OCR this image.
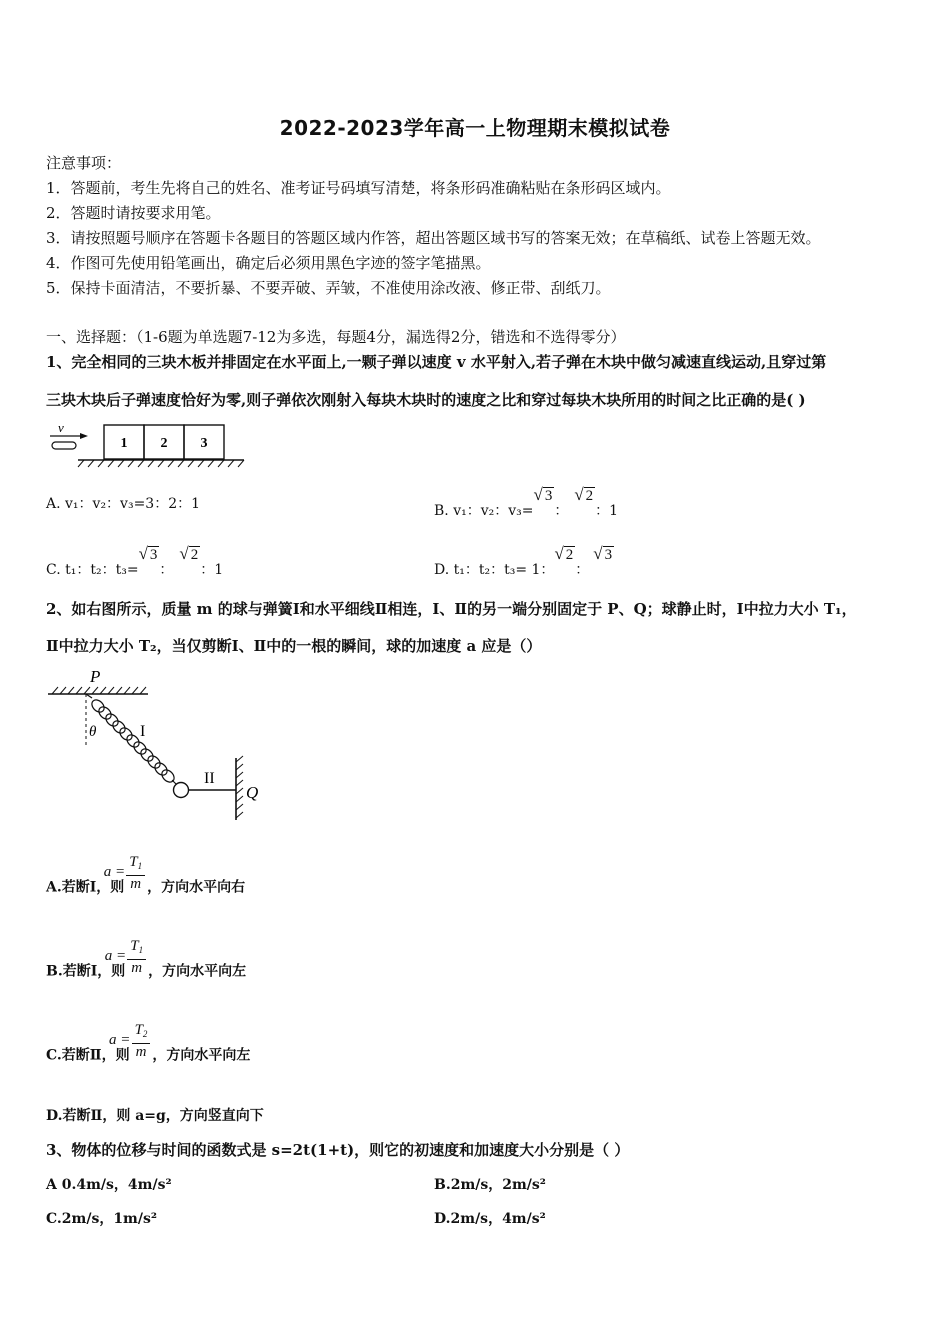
2022-2023学年高一上物理期末模拟试卷
注意事项：
1．答题前，考生先将自己的姓名、准考证号码填写清楚，将条形码准确粘贴在条形码区域内。
2．答题时请按要求用笔。
3．请按照题号顺序在答题卡各题目的答题区域内作答，超出答题区域书写的答案无效；在草稿纸、试卷上答题无效。
4．作图可先使用铅笔画出，确定后必须用黑色字迹的签字笔描黑。
5．保持卡面清洁，不要折暴、不要弄破、弄皱，不准使用涂改液、修正带、刮纸刀。
一、选择题：（1-6题为单选题7-12为多选，每题4分，漏选得2分，错选和不选得零分）
1、完全相同的三块木板并排固定在水平面上,一颗子弹以速度 v 水平射入,若子弹在木块中做匀减速直线运动,且穿过第
三块木块后子弹速度恰好为零,则子弹依次刚射入每块木块时的速度之比和穿过每块木块所用的时间之比正确的是( )
v
1 2 3
A. v₁：v₂：v₃=3：2：1	B. v₁：v₂：v₃=√ 3：√ 2：1
C. t₁：t₂：t₃=√ 3：√ 2：1	D. t₁：t₂：t₃= 1：√ 2：√ 3
2、如右图所示，质量 m 的球与弹簧Ⅰ和水平细线Ⅱ相连，Ⅰ、Ⅱ的另一端分别固定于 P、Q；球静止时，Ⅰ中拉力大小 T₁，
Ⅱ中拉力大小 T₂，当仅剪断Ⅰ、Ⅱ中的一根的瞬间，球的加速度 a 应是（）
P
θ	I
II
Q
A.若断Ⅰ，则
a =
$T_1$
m ，方向水平向右
B.若断Ⅰ，则
a =
$T_1$
m ，方向水平向左
C.若断Ⅱ，则
a =
$T_2$
m ，方向水平向左
D.若断Ⅱ，则 a=g，方向竖直向下
3、物体的位移与时间的函数式是 s=2t(1+t)，则它的初速度和加速度大小分别是（ ）
A 0.4m/s，4m/s²	B.2m/s，2m/s²
C.2m/s，1m/s²	D.2m/s，4m/s²
